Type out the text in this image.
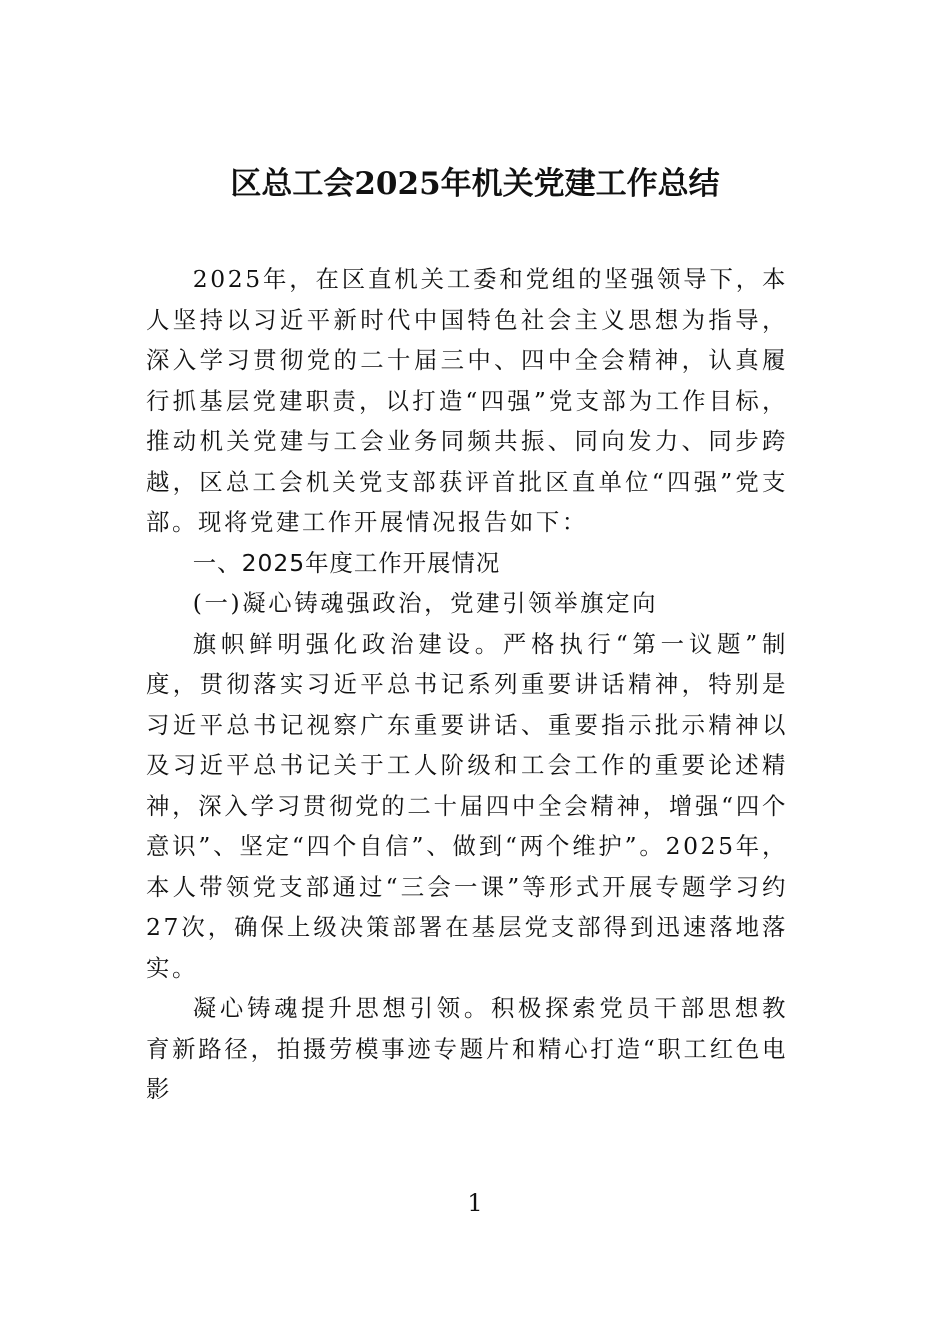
区总工会2025年机关党建工作总结

2025年，在区直机关工委和党组的坚强领导下，本人坚持以习近平新时代中国特色社会主义思想为指导，深入学习贯彻党的二十届三中、四中全会精神，认真履行抓基层党建职责，以打造“四强”党支部为工作目标，推动机关党建与工会业务同频共振、同向发力、同步跨越，区总工会机关党支部获评首批区直单位“四强”党支部。现将党建工作开展情况报告如下：

一、2025年度工作开展情况

(一)凝心铸魂强政治，党建引领举旗定向

旗帜鲜明强化政治建设。严格执行“第一议题”制度，贯彻落实习近平总书记系列重要讲话精神，特别是习近平总书记视察广东重要讲话、重要指示批示精神以及习近平总书记关于工人阶级和工会工作的重要论述精神，深入学习贯彻党的二十届四中全会精神，增强“四个意识”、坚定“四个自信”、做到“两个维护”。2025年，本人带领党支部通过“三会一课”等形式开展专题学习约27次，确保上级决策部署在基层党支部得到迅速落地落实。

凝心铸魂提升思想引领。积极探索党员干部思想教育新路径，拍摄劳模事迹专题片和精心打造“职工红色电影

1
